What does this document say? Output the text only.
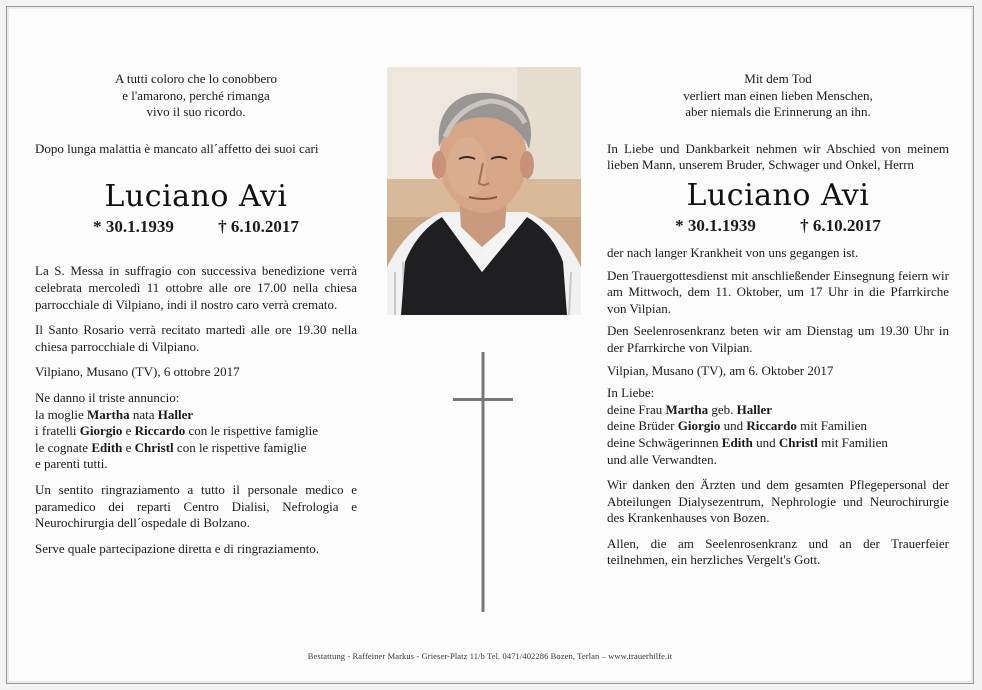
A tutti coloro che lo conobbero

e l'amarono, perché rimanga

vivo il suo ricordo.

Dopo lunga malattia è mancato all´affetto dei suoi cari

Luciano Avi
* 30.1.1939	† 6.10.2017

La S. Messa in suffragio con successiva benedizione verrà celebrata mercoledì 11 ottobre alle ore 17.00 nella chiesa parrocchiale di Vilpiano, indi il nostro caro verrà cremato.

Il Santo Rosario verrà recitato martedì alle ore 19.30 nella chiesa parrocchiale di Vilpiano.

Vilpiano, Musano (TV), 6 ottobre 2017

Ne danno il triste annuncio:

la moglie Martha nata Haller

i fratelli Giorgio e Riccardo con le rispettive famiglie

le cognate Edith e Christl con le rispettive famiglie

e parenti tutti.

Un sentito ringraziamento a tutto il personale medico e paramedico dei reparti Centro Dialisi, Nefrologia e Neurochirurgia dell´ospedale di Bolzano.

Serve quale partecipazione diretta e di ringraziamento.

Mit dem Tod

verliert man einen lieben Menschen,

aber niemals die Erinnerung an ihn.

In Liebe und Dankbarkeit nehmen wir Abschied von meinem lieben Mann, unserem Bruder, Schwager und Onkel, Herrn

Luciano Avi
* 30.1.1939	† 6.10.2017

der nach langer Krankheit von uns gegangen ist.

Den Trauergottesdienst mit anschließender Einsegnung feiern wir am Mittwoch, dem 11. Oktober, um 17 Uhr in die Pfarrkirche von Vilpian.

Den Seelenrosenkranz beten wir am Dienstag um 19.30 Uhr in der Pfarrkirche von Vilpian.

Vilpian, Musano (TV), am 6. Oktober 2017

In Liebe:

deine Frau Martha geb. Haller

deine Brüder Giorgio und Riccardo mit Familien

deine Schwägerinnen Edith und Christl mit Familien

und alle Verwandten.

Wir danken den Ärzten und dem gesamten Pflegepersonal der Abteilungen Dialysezentrum, Nephrologie und Neurochirurgie des Krankenhauses von Bozen.

Allen, die am Seelenrosenkranz und an der Trauerfeier teilnehmen, ein herzliches Vergelt's Gott.

Bestattung - Raffeiner Markus - Grieser-Platz 11/b Tel. 0471/402286 Bozen, Terlan – www.trauerhilfe.it
